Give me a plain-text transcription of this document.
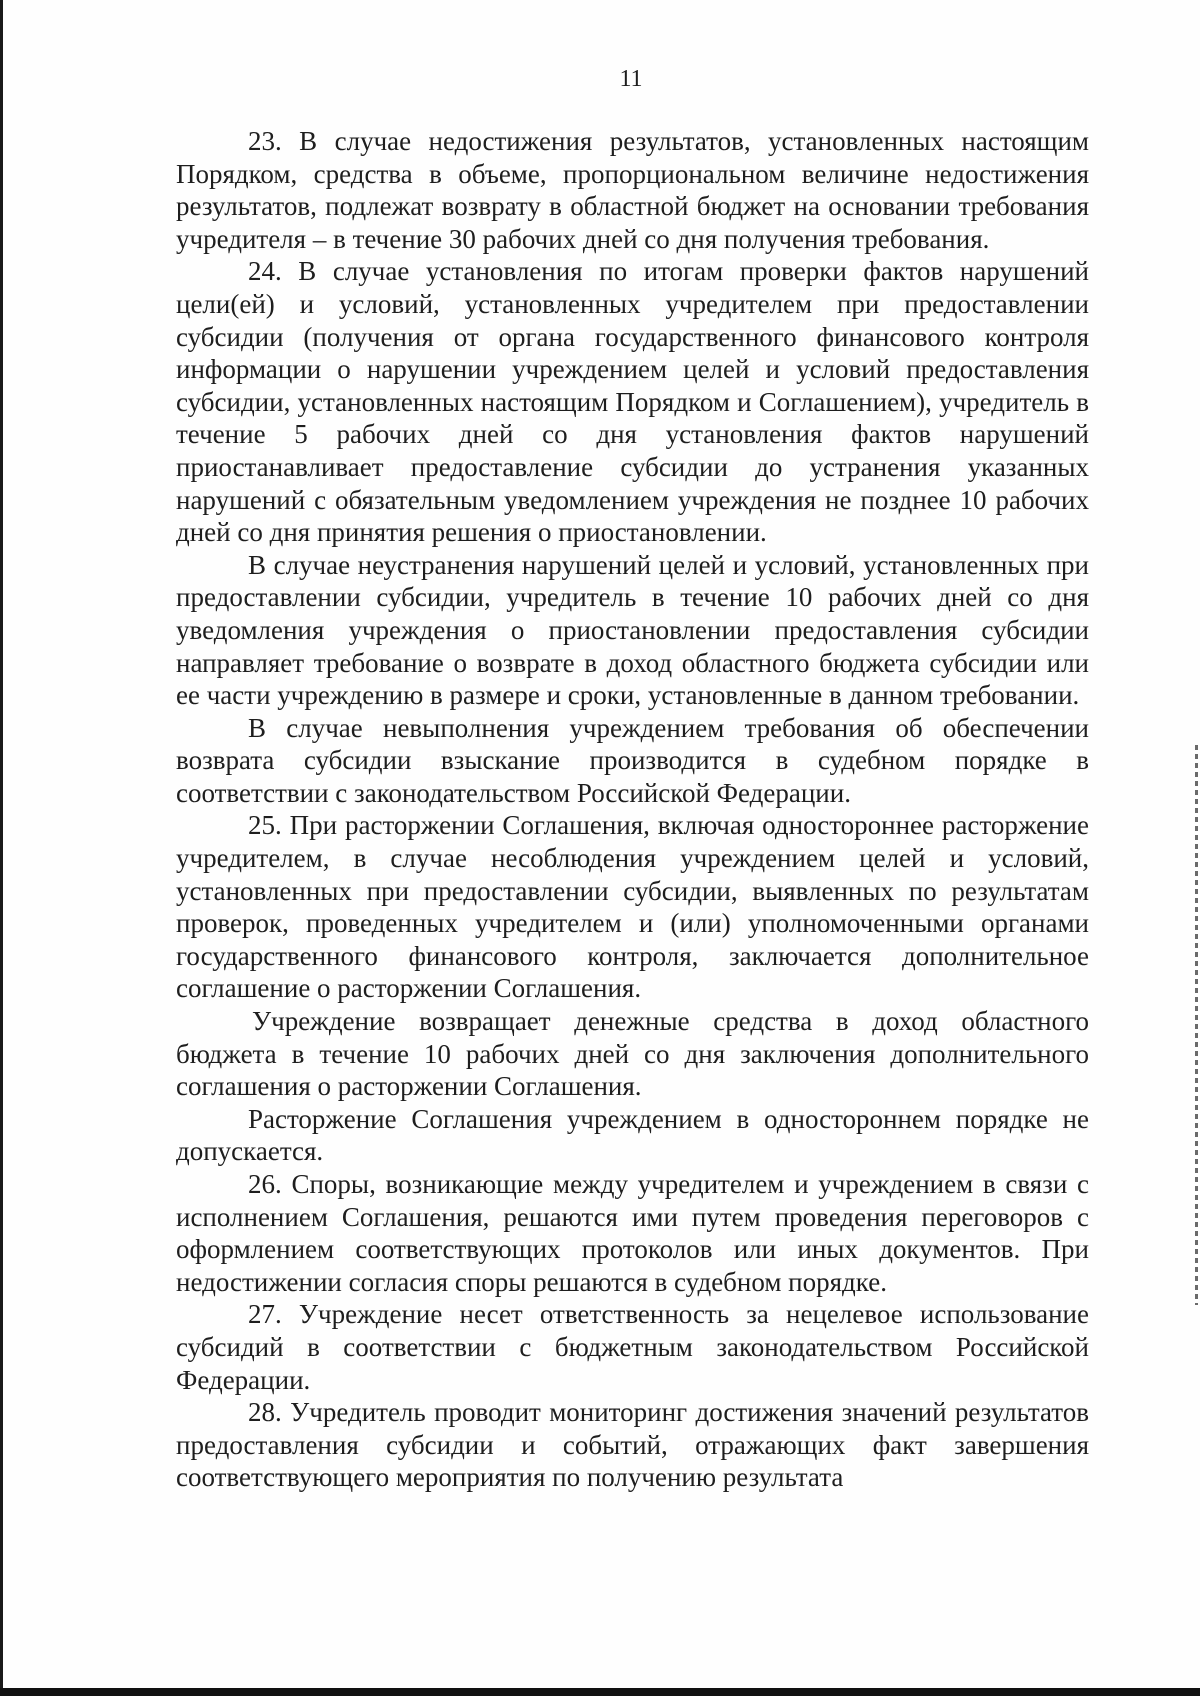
11

23. В случае недостижения результатов, установленных настоящим Порядком, средства в объеме, пропорциональном величине недостижения результатов, подлежат возврату в областной бюджет на основании требования учредителя – в течение 30 рабочих дней со дня получения требования.

24. В случае установления по итогам проверки фактов нарушений цели(ей) и условий, установленных учредителем при предоставлении субсидии (получения от органа государственного финансового контроля информации о нарушении учреждением целей и условий предоставления субсидии, установленных настоящим Порядком и Соглашением), учредитель в течение 5 рабочих дней со дня установления фактов нарушений приостанавливает предоставление субсидии до устранения указанных нарушений с обязательным уведомлением учреждения не позднее 10 рабочих дней со дня принятия решения о приостановлении.

В случае неустранения нарушений целей и условий, установленных при предоставлении субсидии, учредитель в течение 10 рабочих дней со дня уведомления учреждения о приостановлении предоставления субсидии направляет требование о возврате в доход областного бюджета субсидии или ее части учреждению в размере и сроки, установленные в данном требовании.

В случае невыполнения учреждением требования об обеспечении возврата субсидии взыскание производится в судебном порядке в соответствии с законодательством Российской Федерации.

25. При расторжении Соглашения, включая одностороннее расторжение учредителем, в случае несоблюдения учреждением целей и условий, установленных при предоставлении субсидии, выявленных по результатам проверок, проведенных учредителем и (или) уполномоченными органами государственного финансового контроля, заключается дополнительное соглашение о расторжении Соглашения.

Учреждение возвращает денежные средства в доход областного бюджета в течение 10 рабочих дней со дня заключения дополнительного соглашения о расторжении Соглашения.

Расторжение Соглашения учреждением в одностороннем порядке не допускается.

26. Споры, возникающие между учредителем и учреждением в связи с исполнением Соглашения, решаются ими путем проведения переговоров с оформлением соответствующих протоколов или иных документов. При недостижении согласия споры решаются в судебном порядке.

27. Учреждение несет ответственность за нецелевое использование субсидий в соответствии с бюджетным законодательством Российской Федерации.

28. Учредитель проводит мониторинг достижения значений результатов предоставления субсидии и событий, отражающих факт завершения соответствующего мероприятия по получению результата
